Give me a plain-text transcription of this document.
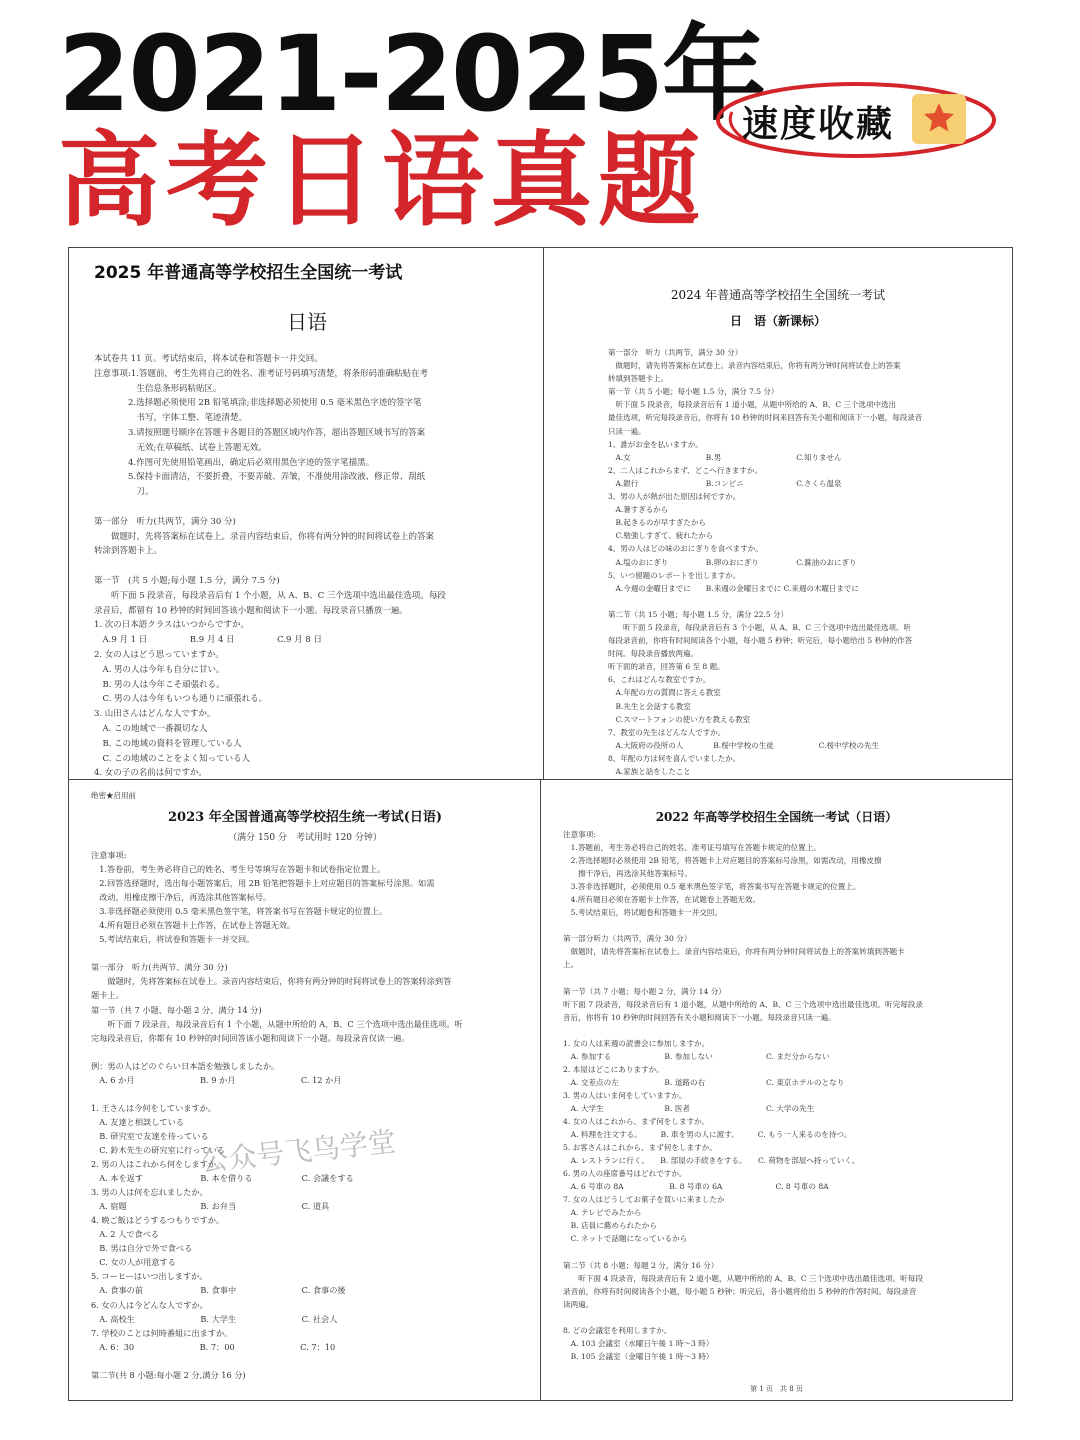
2021-2025年
高考日语真题 速度收藏
2025 年普通高等学校招生全国统一考试
日语
本试卷共 11 页。考试结束后，将本试卷和答题卡一并交回。
注意事项:1.答题前，考生先将自己的姓名、准考证号码填写清楚，将条形码准确粘贴在考
　　　　　生信息条形码粘贴区。
　　　　2.选择题必须使用 2B 铅笔填涂;非选择题必须使用 0.5 毫米黑色字迹的签字笔
　　　　　书写，字体工整、笔迹清楚。
　　　　3.请按照题号顺序在答题卡各题目的答题区域内作答，超出答题区域书写的答案
　　　　　无效;在草稿纸、试卷上答题无效。
　　　　4.作图可先使用铅笔画出，确定后必须用黑色字迹的签字笔描黑。
　　　　5.保持卡面清洁，不要折叠，不要弄破、弄皱，不准使用涂改液、修正带、刮纸
　　　　　刀。

第一部分　听力(共两节，满分 30 分)
　　做题时，先将答案标在试卷上。录音内容结束后，你将有两分钟的时间将试卷上的答案
转涂到答题卡上。

第一节　(共 5 小题;每小题 1.5 分，满分 7.5 分)
　　听下面 5 段录音，每段录音后有 1 个小题，从 A、B、C 三个选项中选出最佳选项。每段
录音后，都留有 10 秒钟的时间回答该小题和阅读下一小题。每段录音只播放一遍。
1. 次の日本語クラスはいつからですか。
　A.9 月 1 日　　　　　B.9 月 4 日　　　　　C.9 月 8 日
2. 女の人はどう思っていますか。
　A. 男の人は今年も自分に甘い。
　B. 男の人は今年こそ頑張れる。
　C. 男の人は今年もいつも通りに頑張れる。
3. 山田さんはどんな人ですか。
　A. この地域で一番親切な人
　B. この地域の資料を管理している人
　C. この地域のことをよく知っている人
4. 女の子の名前は何ですか。
2024 年普通高等学校招生全国统一考试
日　语（新课标）
第一部分　听力（共两节，满分 30 分）
　做题时，请先将答案标在试卷上。录音内容结束后，你将有两分钟时间将试卷上的答案
转填到答题卡上。
第一节（共 5 小题；每小题 1.5 分，满分 7.5 分）
　听下面 5 段录音，每段录音后有 1 道小题，从题中所给的 A、B、C 三个选项中选出
最佳选项，听完每段录音后，你将有 10 秒钟的时间来回答有关小题和阅读下一小题，每段录音
只读一遍。
1、誰がお金を払いますか。
　A.女　　　　　　　　　　B.男　　　　　　　　　　C.知りません
2、二人はこれからまず、どこへ行きますか。
　A.銀行　　　　　　　　　B.コンビニ　　　　　　　C.さくら温泉
3、男の人が熱が出た原因は何ですか。
　A.暑すぎるから
　B.起きるのが早すぎたから
　C.勉強しすぎて、疲れたから
4、男の人はどの味のおにぎりを食べますか。
　A.塩のおにぎり　　　　　B.卵のおにぎり　　　　　C.醤油のおにぎり
5、いつ留題のレポートを出しますか。
　A.今週の金曜日までに　　B.来週の金曜日までに C.来週の木曜日までに

第二节（共 15 小题；每小题 1.5 分，满分 22.5 分）
　　听下面 5 段录音，每段录音后有 3 个小题，从 A、B、C 三个选项中选出最佳选项。听
每段录音前，你将有时间阅读各个小题，每小题 5 秒钟；听完后，每小题给出 5 秒钟的作答
时间。每段录音播放两遍。
听下面的录音，回答第 6 至 8 题。
6、これはどんな教室ですか。
　A.年配の方の質問に答える教室
　B.先生と会話する教室
　C.スマートフォンの使い方を教える教室
7、教室の先生はどんな人ですか。
　A.大阪府の役所の人　　　　B.桜中学校の生徒　　　　　　C.桜中学校の先生
8、年配の方は何を喜んでいましたか。
　A.家族と話をしたこと
绝密★启用前
2023 年全国普通高等学校招生统一考试(日语)
（满分 150 分　考试用时 120 分钟）
注意事项:
　1.答卷前，考生务必将自己的姓名、考生号等填写在答题卡和试卷指定位置上。
　2.回答选择题时，选出每小题答案后，用 2B 铅笔把答题卡上对应题目的答案标号涂黑。如需
　改动，用橡皮擦干净后，再选涂其他答案标号。
　3.非选择题必须使用 0.5 毫米黑色签字笔，将答案书写在答题卡规定的位置上。
　4.所有题目必须在答题卡上作答，在试卷上答题无效。
　5.考试结束后，将试卷和答题卡一并交回。

第一部分　听力(共两节、满分 30 分)
　　做题时，先将答案标在试卷上。录音内容结束后，你将有两分钟的时间将试卷上的答案转涂到答
题卡上。
第一节（共 7 小题、每小题 2 分、满分 14 分)
　　听下面 7 段录音，每段录音后有 1 个小题，从题中所给的 A、B、C 三个选项中选出最佳选项。听
完每段录音后，你都有 10 秒钟的时间回答该小题和阅读下一小题。每段录音仅读一遍。

例：男の人はどのぐらい日本語を勉強しましたか。
　A. 6 か月　　　　　　　　B. 9 か月　　　　　　　　C. 12 か月

1. 王さんは今何をしていますか。
　A. 友達と相談している
　B. 研究室で友達を待っている
　C. 鈴木先生の研究室に行っている
2. 男の人はこれから何をしますか。
　A. 本を返す　　　　　　　B. 本を借りる　　　　　　C. 会議をする
3. 男の人は何を忘れましたか。
　A. 宿題　　　　　　　　　B. お弁当　　　　　　　　C. 道具
4. 晩ご飯はどうするつもりですか。
　A. 2 人で食べる
　B. 男は自分で外で食べる
　C. 女の人が用意する
5. コーヒーはいつ出しますか。
　A. 食事の前　　　　　　　B. 食事中　　　　　　　　C. 食事の後
6. 女の人は今どんな人ですか。
　A. 高校生　　　　　　　　B. 大学生　　　　　　　　C. 社会人
7. 学校のことは何時番組に出ますか。
　A. 6：30　　　　　　　　B. 7：00　　　　　　　　C. 7：10

第二节(共 8 小题:每小题 2 分,满分 16 分)
2022 年高等学校招生全国统一考试（日语）
注意事项:
　1.答题前，考生务必将自己的姓名、准考证号填写在答题卡规定的位置上。
　2.答选择题时必须使用 2B 铅笔，将答题卡上对应题目的答案标号涂黑，如需改动，用橡皮擦
　　擦干净后，再选涂其他答案标号。
　3.答非选择题时，必须使用 0.5 毫米黑色签字笔，将答案书写在答题卡规定的位置上。
　4.所有题目必须在答题卡上作答，在试题卷上答题无效。
　5.考试结束后，将试题卷和答题卡一并交回。

第一部分听力（共两节，满分 30 分）
　做题时，请先将答案标在试卷上。录音内容结束后，你将有两分钟时间将试卷上的答案转填到答题卡
上。

第一节（共 7 小题；每小题 2 分，满分 14 分）
听下面 7 段录音，每段录音后有 1 道小题，从题中所给的 A、B、C 三个选项中选出最佳选项。听完每段录
音后，你将有 10 秒钟的时间回答有关小题和阅读下一小题。每段录音只读一遍。

1. 女の人は来週の読書会に参加しますか。
　A. 参加する　　　　　　　B. 参加しない　　　　　　　C. まだ分からない
2. 本屋はどこにありますか。
　A. 交差点の左　　　　　　B. 道路の右　　　　　　　　C. 東京ホテルのとなり
3. 男の人はいま何をしていますか。
　A. 大学生　　　　　　　　B. 医者　　　　　　　　　　C. 大学の先生
4. 女の人はこれから、まず何をしますか。
　A. 料理を注文する。　　　B. 車を男の人に渡す。　　　C. もう一人来るのを待つ。
5. お客さんはこれから、まず何をしますか。
　A. レストランに行く。　　B. 部屋の手続きをする。　　C. 荷物を部屋へ持っていく。
6. 男の人の座席番号はどれですか。
　A. 6 号車の 8A　　　　　　B. 8 号車の 6A　　　　　　　C. 8 号車の 8A
7. 女の人はどうしてお菓子を買いに来ましたか
　A. テレビでみたから
　B. 店員に薦められたから
　C. ネットで話題になっているから

第二节（共 8 小题；每题 2 分，满分 16 分）
　　听下面 4 段录音，每段录音后有 2 道小题，从题中所给的 A、B、C 三个选项中选出最佳选项。听每段
录音前，你将有时间阅读各个小题，每小题 5 秒钟；听完后，各小题将给出 5 秒钟的作答时间。每段录音
读两遍。

8. どの会議室を利用しますか。
　A. 103 会議室（水曜日午後 1 時～3 時）
　B. 105 会議室（金曜日午後 1 時～3 時）
第 1 页　共 8 页
公众号飞鸟学堂
